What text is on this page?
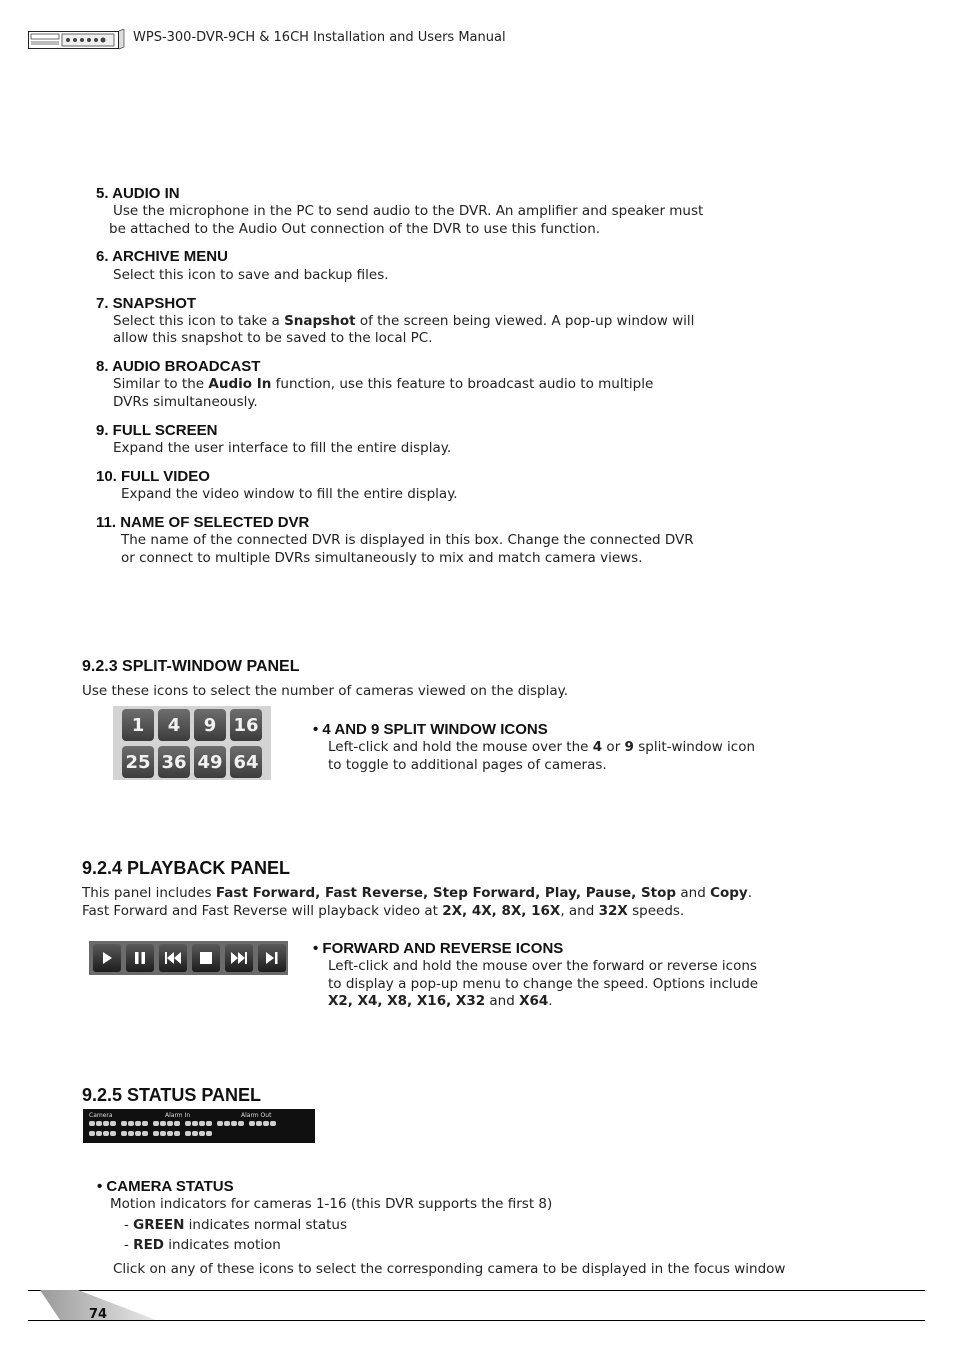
WPS-300-DVR-9CH & 16CH Installation and Users Manual
5. AUDIO IN
Use the microphone in the PC to send audio to the DVR. An amplifier and speaker must
be attached to the Audio Out connection of the DVR to use this function.
6. ARCHIVE MENU
Select this icon to save and backup files.
7. SNAPSHOT
Select this icon to take a Snapshot of the screen being viewed. A pop-up window will
allow this snapshot to be saved to the local PC.
8. AUDIO BROADCAST
Similar to the Audio In function, use this feature to broadcast audio to multiple
DVRs simultaneously.
9. FULL SCREEN
Expand the user interface to fill the entire display.
10. FULL VIDEO
Expand the video window to fill the entire display.
11. NAME OF SELECTED DVR
The name of the connected DVR is displayed in this box. Change the connected DVR
or connect to multiple DVRs simultaneously to mix and match camera views.
9.2.3 SPLIT-WINDOW PANEL
Use these icons to select the number of cameras viewed on the display.
1	4	9 16
25 36 49 64
• 4 AND 9 SPLIT WINDOW ICONS
Left-click and hold the mouse over the 4 or 9 split-window icon
to toggle to additional pages of cameras.
9.2.4 PLAYBACK PANEL
This panel includes Fast Forward, Fast Reverse, Step Forward, Play, Pause, Stop and Copy.
Fast Forward and Fast Reverse will playback video at 2X, 4X, 8X, 16X, and 32X speeds.
• FORWARD AND REVERSE ICONS
Left-click and hold the mouse over the forward or reverse icons
to display a pop-up menu to change the speed. Options include
X2, X4, X8, X16, X32 and X64.
9.2.5 STATUS PANEL
Camera	Alarm In	Alarm Out
• CAMERA STATUS
Motion indicators for cameras 1-16 (this DVR supports the first 8)
- GREEN indicates normal status
- RED indicates motion
Click on any of these icons to select the corresponding camera to be displayed in the focus window
74
